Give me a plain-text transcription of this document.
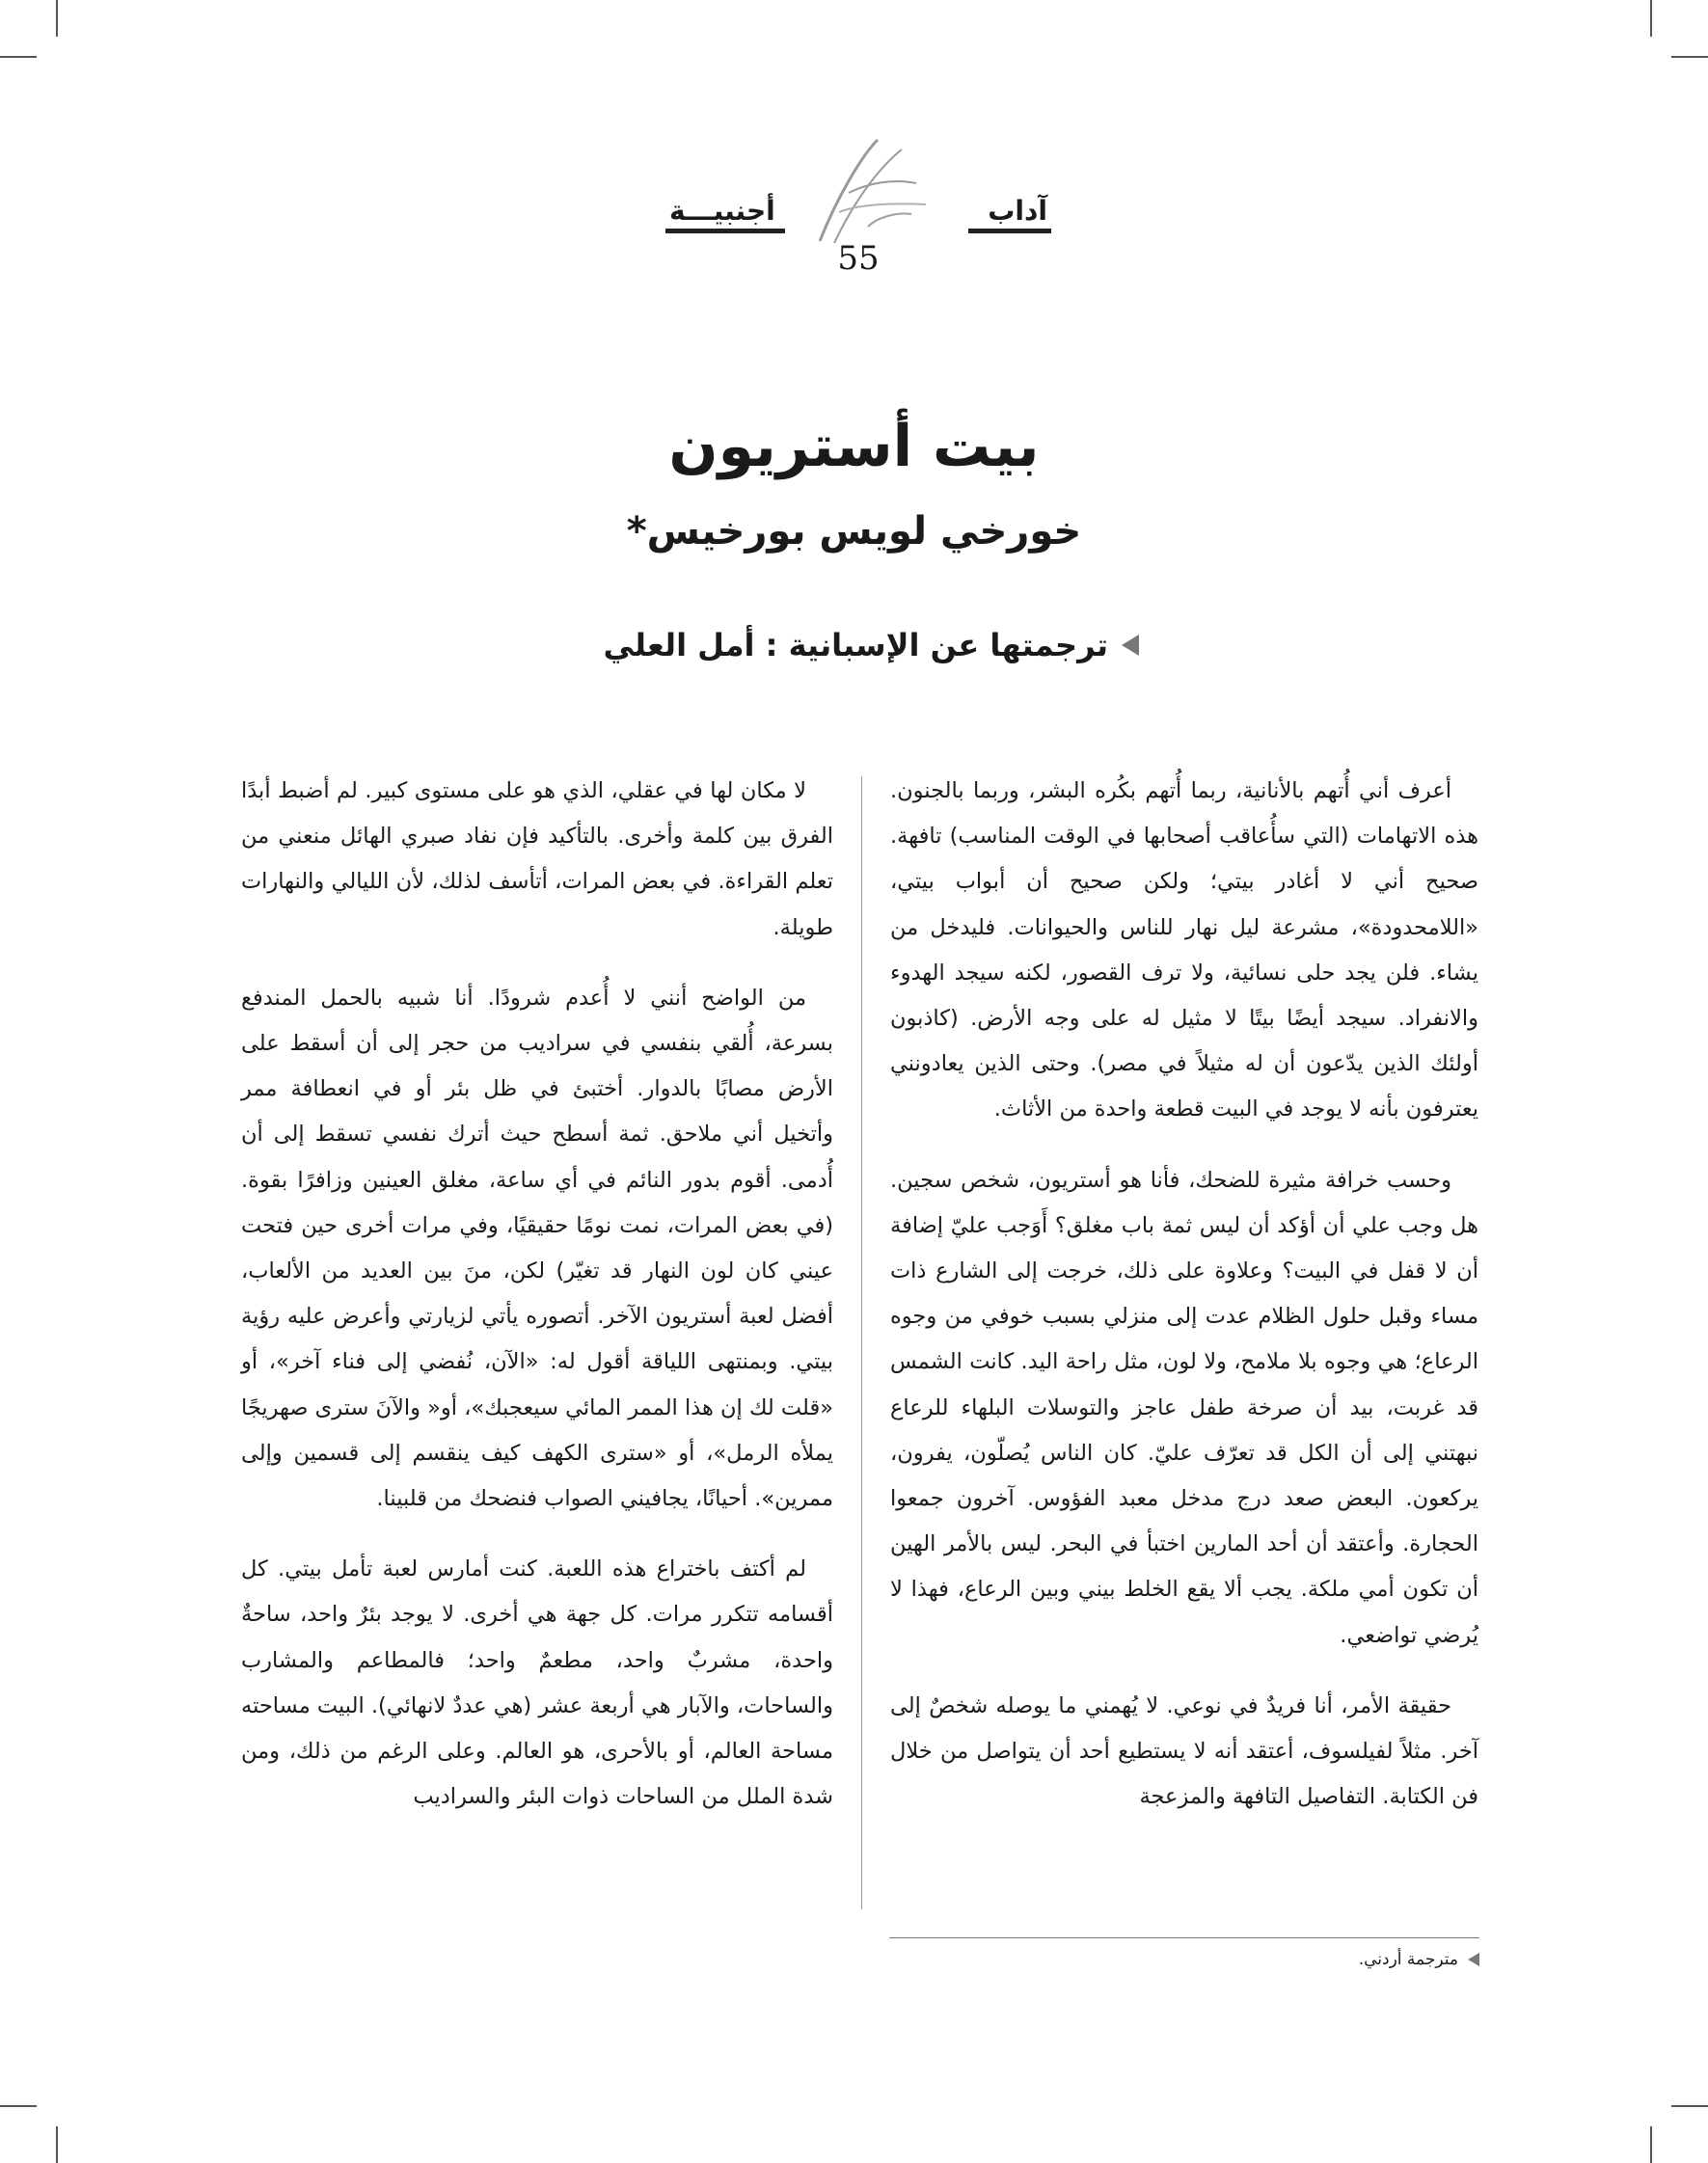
أجنبيـــة	آداب
55
بيت أستريون
خورخي لويس بورخيس*
ترجمتها عن الإسبانية : أمل العلي

أعرف أني أُتهم بالأنانية، ربما أُتهم بكُره البشر، وربما بالجنون. هذه الاتهامات (التي سأُعاقب أصحابها في الوقت المناسب) تافهة. صحيح أني لا أغادر بيتي؛ ولكن صحيح أن أبواب بيتي، «اللامحدودة»، مشرعة ليل نهار للناس والحيوانات. فليدخل من يشاء. فلن يجد حلى نسائية، ولا ترف القصور، لكنه سيجد الهدوء والانفراد. سيجد أيضًا بيتًا لا مثيل له على وجه الأرض. (كاذبون أولئك الذين يدّعون أن له مثيلاً في مصر). وحتى الذين يعادونني يعترفون بأنه لا يوجد في البيت قطعة واحدة من الأثاث.

وحسب خرافة مثيرة للضحك، فأنا هو أستريون، شخص سجين. هل وجب علي أن أؤكد أن ليس ثمة باب مغلق؟ أَوَجب عليّ إضافة أن لا قفل في البيت؟ وعلاوة على ذلك، خرجت إلى الشارع ذات مساء وقبل حلول الظلام عدت إلى منزلي بسبب خوفي من وجوه الرعاع؛ هي وجوه بلا ملامح، ولا لون، مثل راحة اليد. كانت الشمس قد غربت، بيد أن صرخة طفل عاجز والتوسلات البلهاء للرعاع نبهتني إلى أن الكل قد تعرّف عليّ. كان الناس يُصلّون، يفرون، يركعون. البعض صعد درج مدخل معبد الفؤوس. آخرون جمعوا الحجارة. وأعتقد أن أحد المارين اختبأ في البحر. ليس بالأمر الهين أن تكون أمي ملكة. يجب ألا يقع الخلط بيني وبين الرعاع، فهذا لا يُرضي تواضعي.

حقيقة الأمر، أنا فريدٌ في نوعي. لا يُهمني ما يوصله شخصٌ إلى آخر. مثلاً لفيلسوف، أعتقد أنه لا يستطيع أحد أن يتواصل من خلال فن الكتابة. التفاصيل التافهة والمزعجة

لا مكان لها في عقلي، الذي هو على مستوى كبير. لم أضبط أبدًا الفرق بين كلمة وأخرى. بالتأكيد فإن نفاد صبري الهائل منعني من تعلم القراءة. في بعض المرات، أتأسف لذلك، لأن الليالي والنهارات طويلة.

من الواضح أنني لا أُعدم شرودًا. أنا شبيه بالحمل المندفع بسرعة، أُلقي بنفسي في سراديب من حجر إلى أن أسقط على الأرض مصابًا بالدوار. أختبئ في ظل بئر أو في انعطافة ممر وأتخيل أني ملاحق. ثمة أسطح حيث أترك نفسي تسقط إلى أن أُدمى. أقوم بدور النائم في أي ساعة، مغلق العينين وزافرًا بقوة. (في بعض المرات، نمت نومًا حقيقيًا، وفي مرات أخرى حين فتحت عيني كان لون النهار قد تغيّر) لكن، منَ بين العديد من الألعاب، أفضل لعبة أستريون الآخر. أتصوره يأتي لزيارتي وأعرض عليه رؤية بيتي. وبمنتهى اللياقة أقول له: «الآن، نُفضي إلى فناء آخر»، أو «قلت لك إن هذا الممر المائي سيعجبك»، أو« والآنَ سترى صهريجًا يملأه الرمل»، أو «سترى الكهف كيف ينقسم إلى قسمين وإلى ممرين». أحيانًا، يجافيني الصواب فنضحك من قلبينا.

لم أكتف باختراع هذه اللعبة. كنت أمارس لعبة تأمل بيتي. كل أقسامه تتكرر مرات. كل جهة هي أخرى. لا يوجد بئرٌ واحد، ساحةٌ واحدة، مشربٌ واحد، مطعمٌ واحد؛ فالمطاعم والمشارب والساحات، والآبار هي أربعة عشر (هي عددٌ لانهائي). البيت مساحته مساحة العالم، أو بالأحرى، هو العالم. وعلى الرغم من ذلك، ومن شدة الملل من الساحات ذوات البئر والسراديب

مترجمة أردني.
